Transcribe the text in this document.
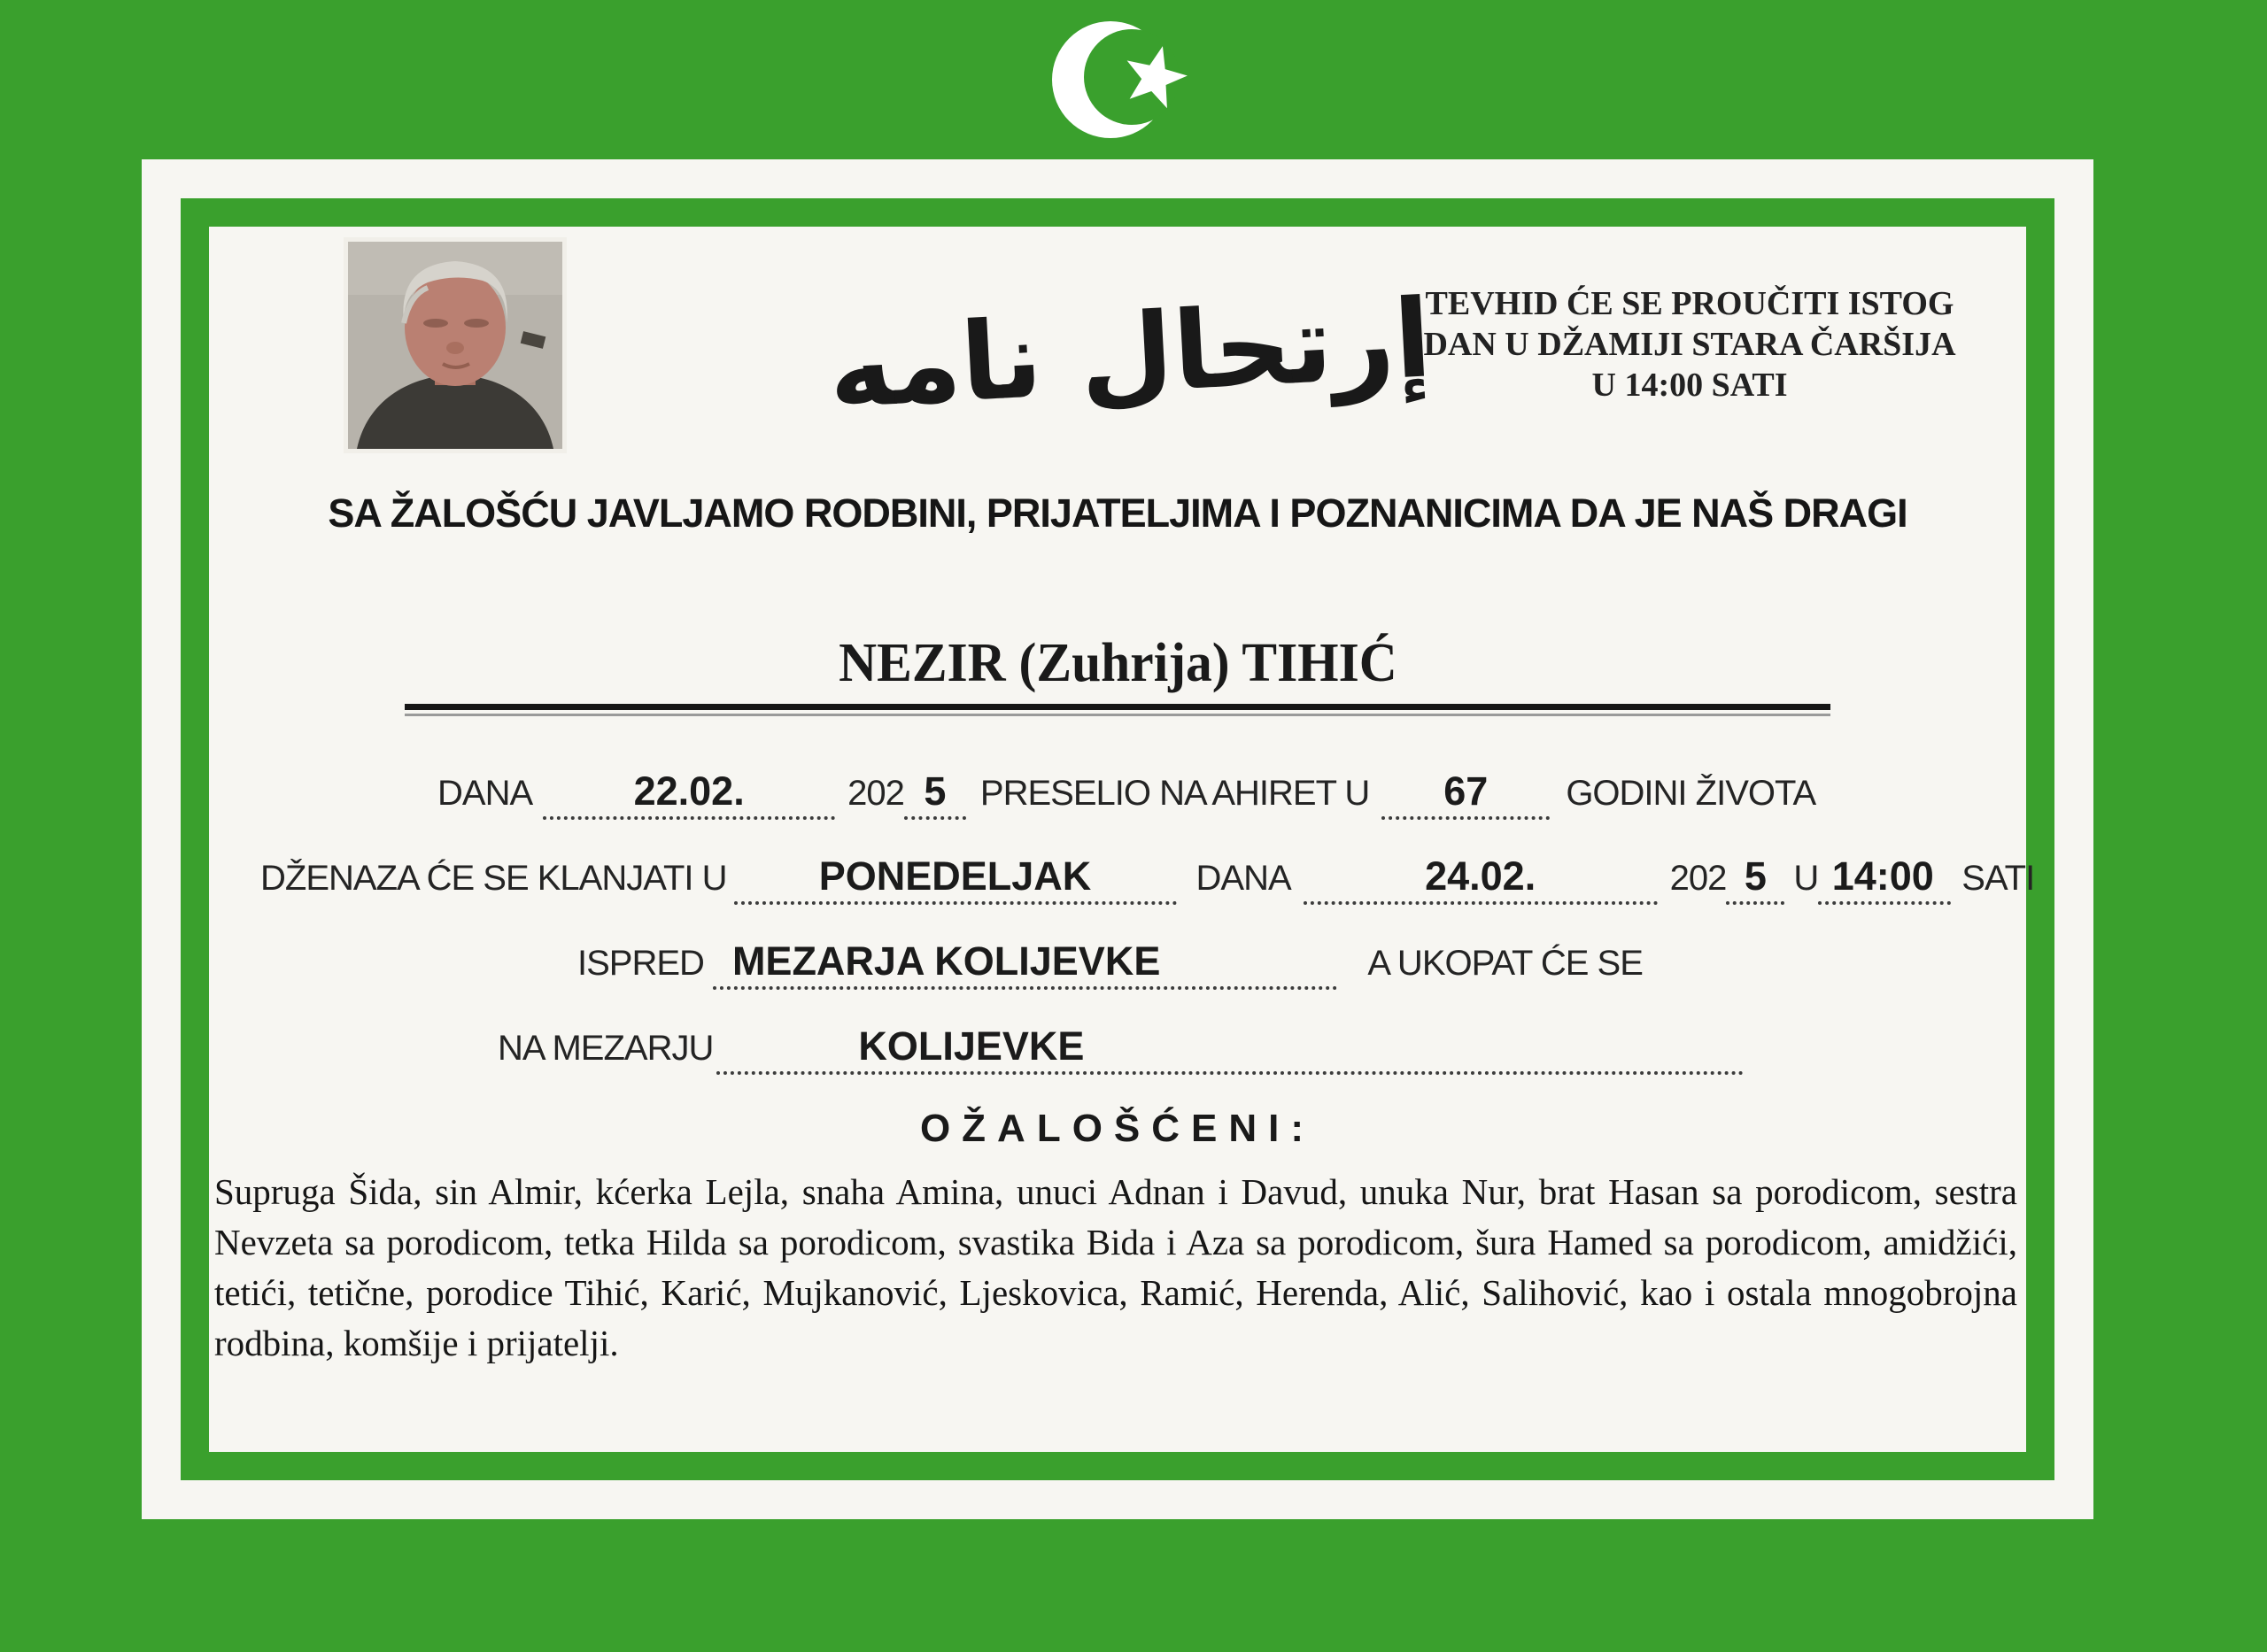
إرتحال نامه
TEVHID ĆE SE PROUČITI ISTOG
DAN U DŽAMIJI STARA ČARŠIJA
U 14:00 SATI
SA ŽALOŠĆU JAVLJAMO RODBINI, PRIJATELJIMA I POZNANICIMA DA JE NAŠ DRAGI
NEZIR (Zuhrija) TIHIĆ
DANA	22.02.	202 5 PRESELIO NA AHIRET U	67	GODINI ŽIVOTA
DŽENAZA ĆE SE KLANJATI U	PONEDELJAK	DANA	24.02.	202 5 U 14:00 SATI
ISPRED MEZARJA KOLIJEVKE	A UKOPAT ĆE SE
NA MEZARJU	KOLIJEVKE
OŽALOŠĆENI:
Supruga Šida, sin Almir, kćerka Lejla, snaha Amina, unuci Adnan i Davud, unuka Nur, brat Hasan sa porodicom, sestra Nevzeta sa porodicom, tetka Hilda sa porodicom, svastika Bida i Aza sa porodicom, šura Hamed sa porodicom, amidžići, tetići, tetične, porodice Tihić, Karić, Mujkanović, Ljeskovica, Ramić, Herenda, Alić, Salihović, kao i ostala mnogobrojna rodbina, komšije i prijatelji.
